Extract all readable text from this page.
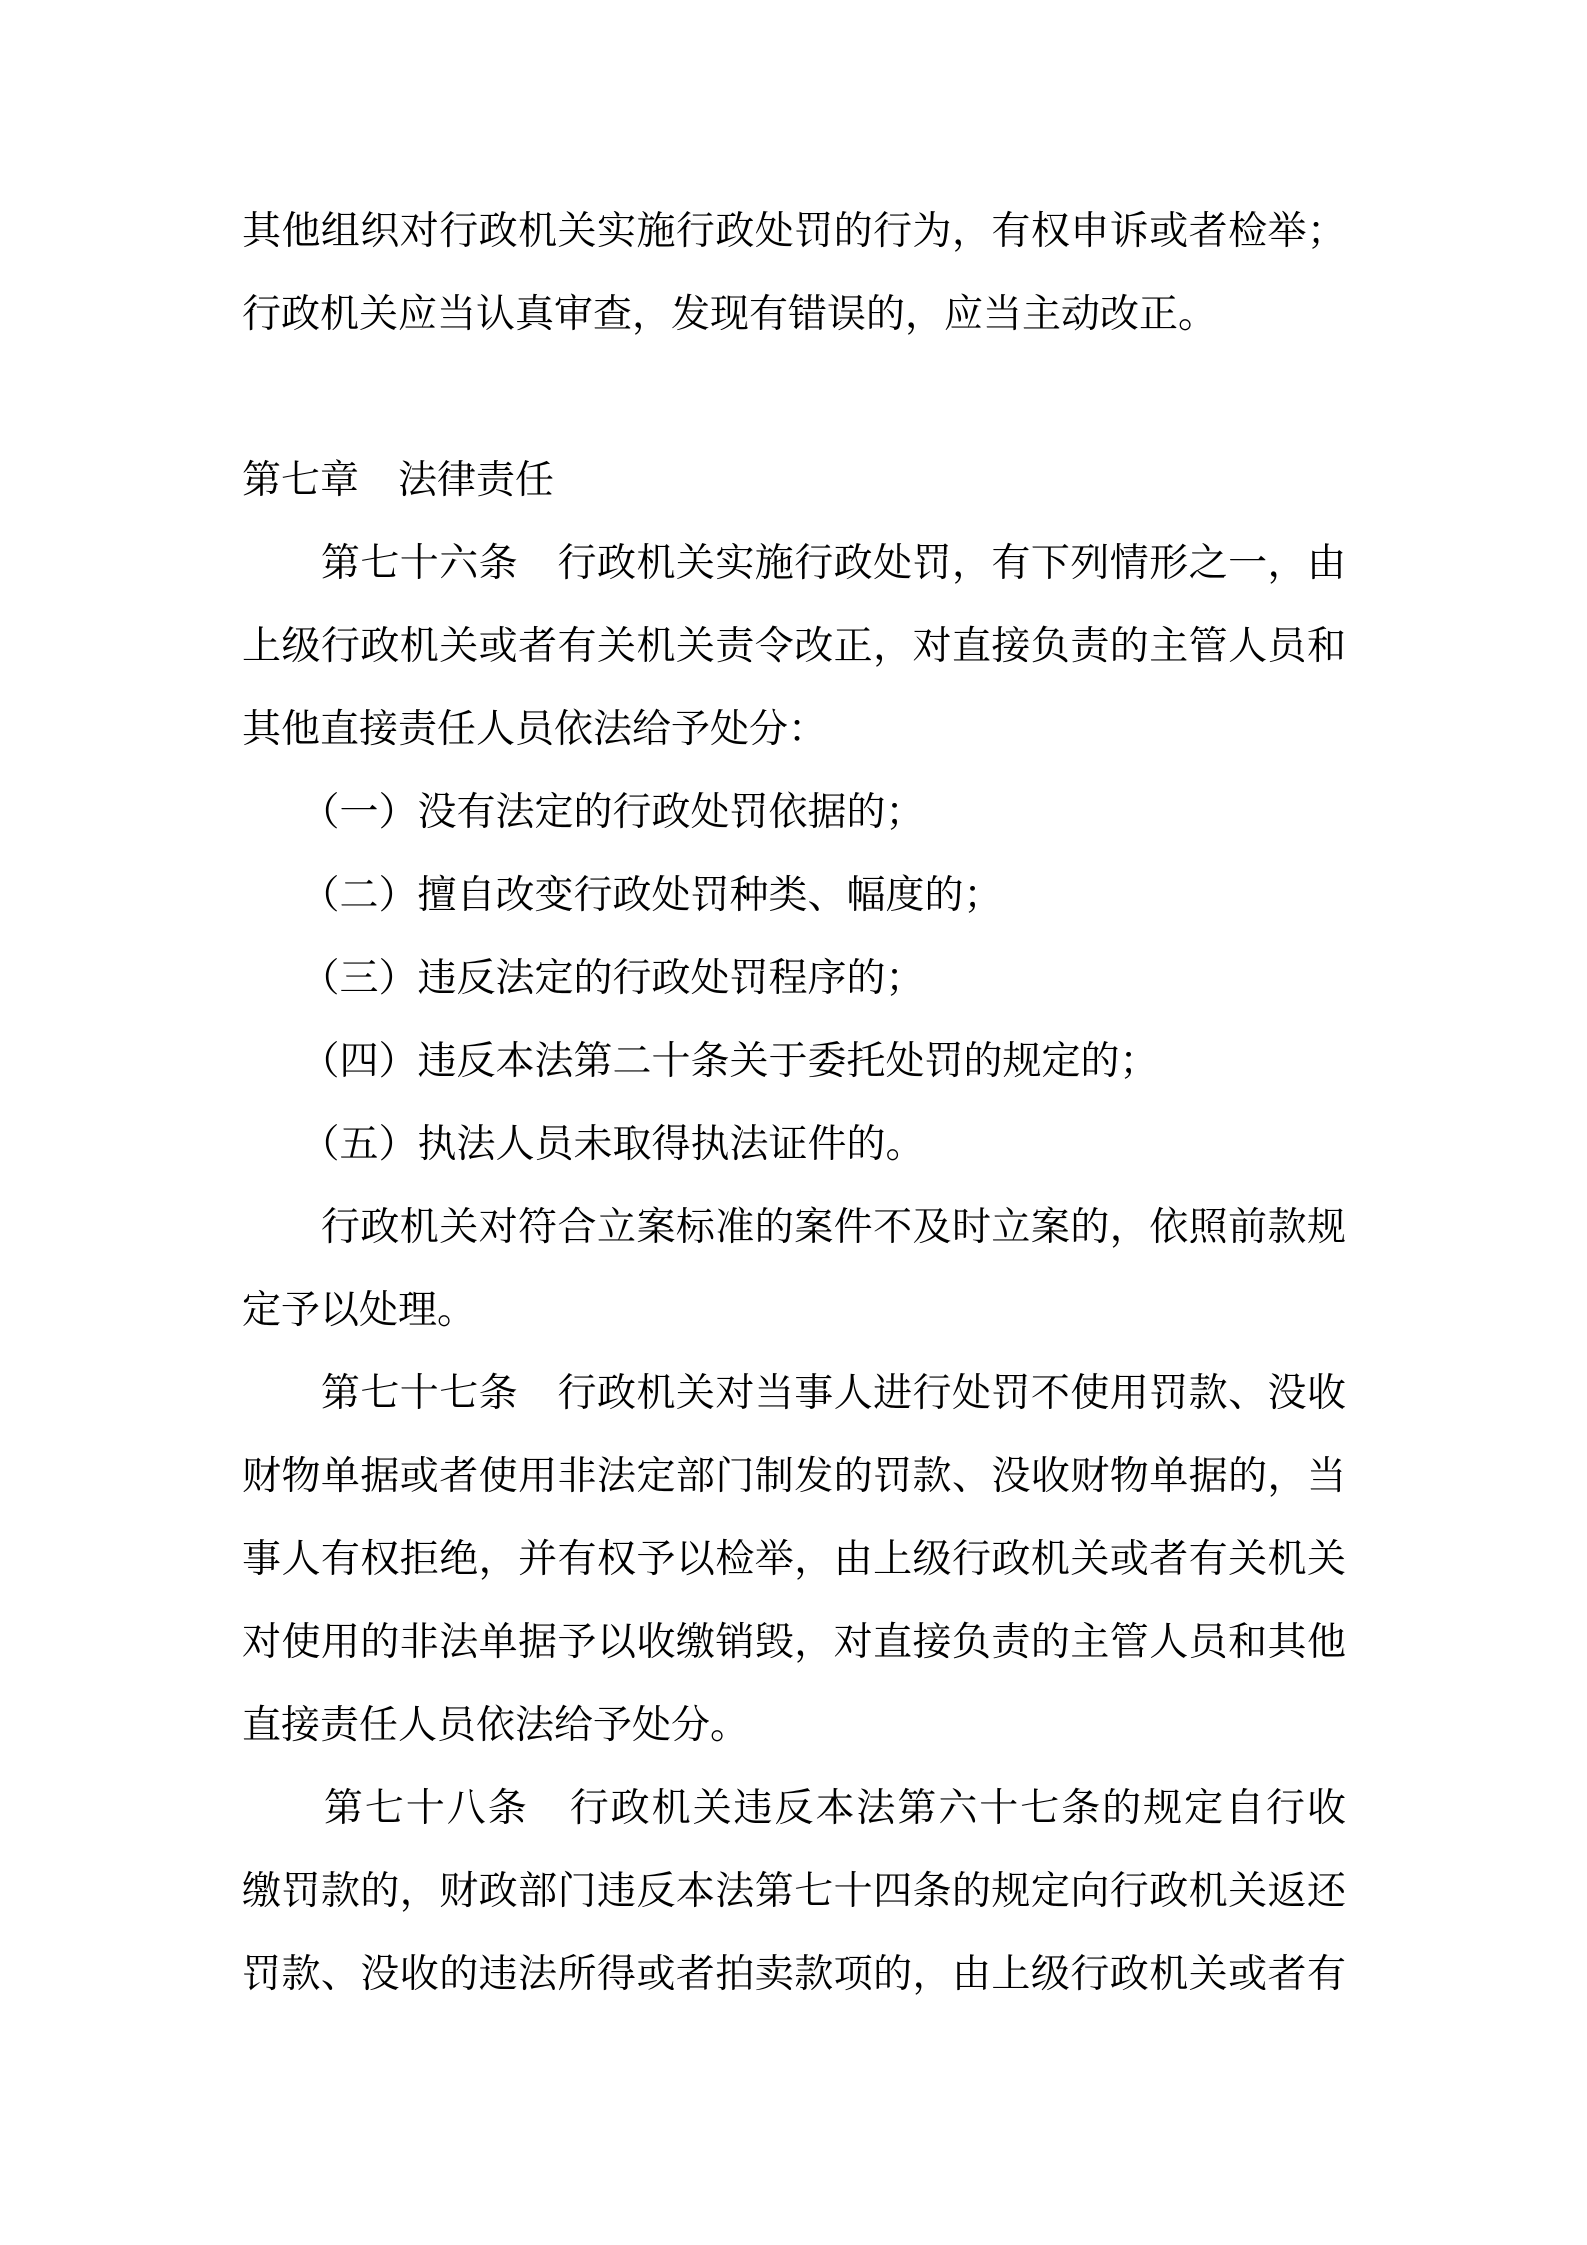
其他组织对行政机关实施行政处罚的行为，有权申诉或者检举；
行政机关应当认真审查，发现有错误的，应当主动改正。
第七章　法律责任
　　第七十六条　行政机关实施行政处罚，有下列情形之一，由
上级行政机关或者有关机关责令改正，对直接负责的主管人员和
其他直接责任人员依法给予处分：
　　（一）没有法定的行政处罚依据的；
　　（二）擅自改变行政处罚种类、幅度的；
　　（三）违反法定的行政处罚程序的；
　　（四）违反本法第二十条关于委托处罚的规定的；
　　（五）执法人员未取得执法证件的。
　　行政机关对符合立案标准的案件不及时立案的，依照前款规
定予以处理。
　　第七十七条　行政机关对当事人进行处罚不使用罚款、没收
财物单据或者使用非法定部门制发的罚款、没收财物单据的，当
事人有权拒绝，并有权予以检举，由上级行政机关或者有关机关
对使用的非法单据予以收缴销毁，对直接负责的主管人员和其他
直接责任人员依法给予处分。
　　第七十八条　行政机关违反本法第六十七条的规定自行收
缴罚款的，财政部门违反本法第七十四条的规定向行政机关返还
罚款、没收的违法所得或者拍卖款项的，由上级行政机关或者有
